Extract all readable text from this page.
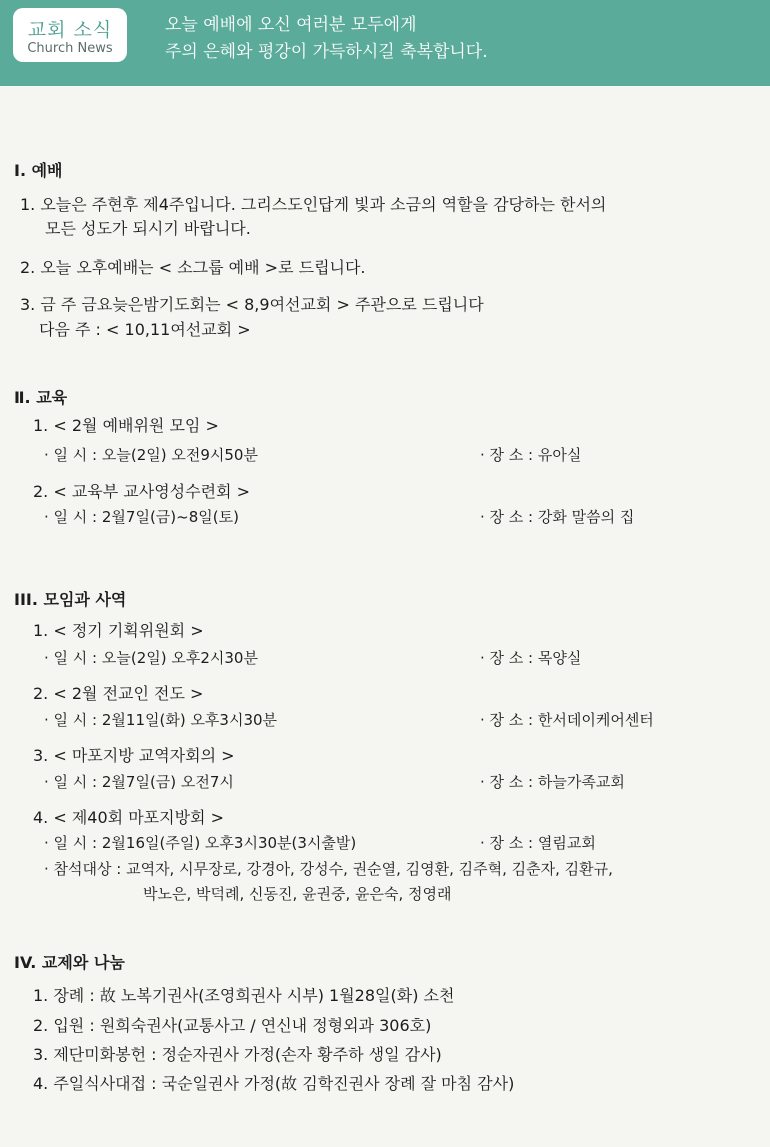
교회 소식
Church News
오늘 예배에 오신 여러분 모두에게
주의 은혜와 평강이 가득하시길 축복합니다.
Ⅰ. 예배
1. 오늘은 주현후 제4주입니다. 그리스도인답게 빛과 소금의 역할을 감당하는 한서의
모든 성도가 되시기 바랍니다.
2. 오늘 오후예배는 < 소그룹 예배 >로 드립니다.
3. 금 주 금요늦은밤기도회는 < 8,9여선교회 > 주관으로 드립니다
다음 주 : < 10,11여선교회 >
Ⅱ. 교육
1. < 2월 예배위원 모임 >
· 일 시 : 오늘(2일) 오전9시50분	· 장 소 : 유아실
2. < 교육부 교사영성수련회 >
· 일 시 : 2월7일(금)~8일(토)	· 장 소 : 강화 말씀의 집
III. 모임과 사역
1. < 정기 기획위원회 >
· 일 시 : 오늘(2일) 오후2시30분	· 장 소 : 목양실
2. < 2월 전교인 전도 >
· 일 시 : 2월11일(화) 오후3시30분	· 장 소 : 한서데이케어센터
3. < 마포지방 교역자회의 >
· 일 시 : 2월7일(금) 오전7시	· 장 소 : 하늘가족교회
4. < 제40회 마포지방회 >
· 일 시 : 2월16일(주일) 오후3시30분(3시출발)	· 장 소 : 열림교회
· 참석대상 : 교역자, 시무장로, 강경아, 강성수, 권순열, 김영환, 김주혁, 김춘자, 김환규,
박노은, 박덕례, 신동진, 윤권중, 윤은숙, 정영래
IV. 교제와 나눔
1. 장례 : 故 노복기권사(조영희권사 시부) 1월28일(화) 소천
2. 입원 : 원희숙권사(교통사고 / 연신내 정형외과 306호)
3. 제단미화봉헌 : 정순자권사 가정(손자 황주하 생일 감사)
4. 주일식사대접 : 국순일권사 가정(故 김학진권사 장례 잘 마침 감사)
